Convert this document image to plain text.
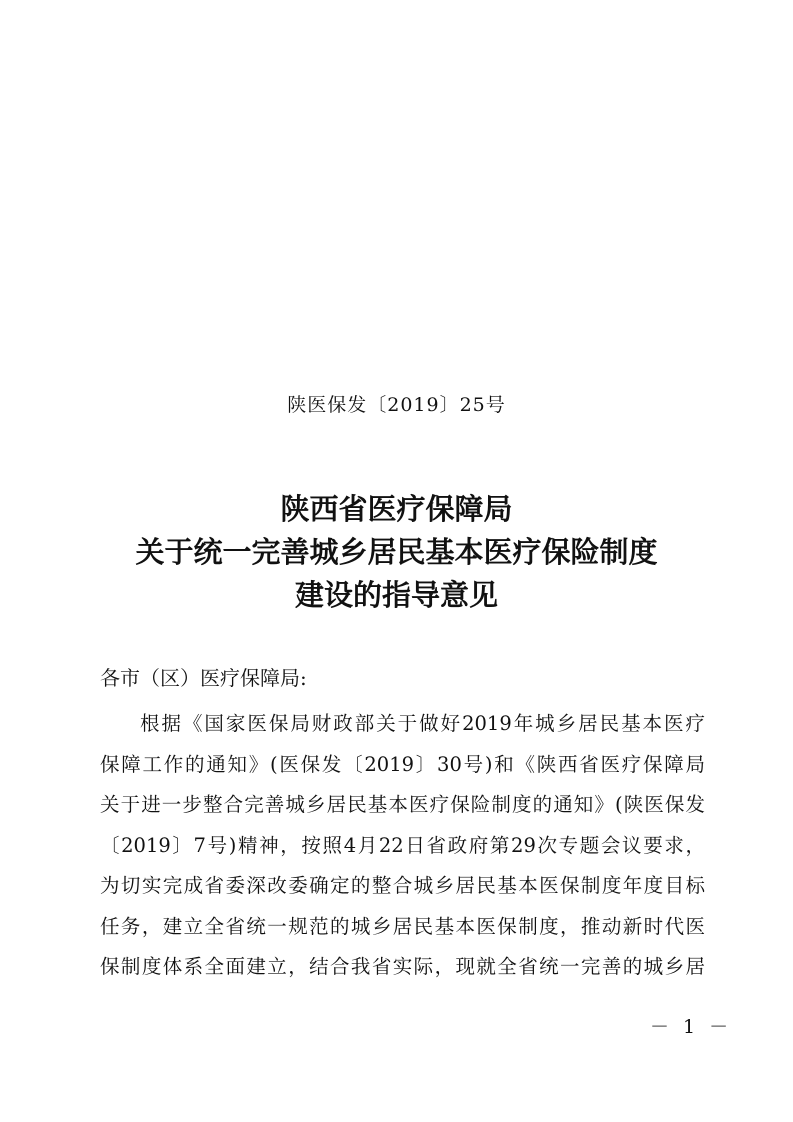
陕医保发〔2019〕25号
陕西省医疗保障局
关于统一完善城乡居民基本医疗保险制度
建设的指导意见
各市（区）医疗保障局:
根据《国家医保局财政部关于做好2019年城乡居民基本医疗
保障工作的通知》(医保发〔2019〕30号)和《陕西省医疗保障局
关于进一步整合完善城乡居民基本医疗保险制度的通知》(陕医保发
〔2019〕7号)精神，按照4月22日省政府第29次专题会议要求，
为切实完成省委深改委确定的整合城乡居民基本医保制度年度目标
任务，建立全省统一规范的城乡居民基本医保制度，推动新时代医
保制度体系全面建立，结合我省实际，现就全省统一完善的城乡居
－ 1 －
